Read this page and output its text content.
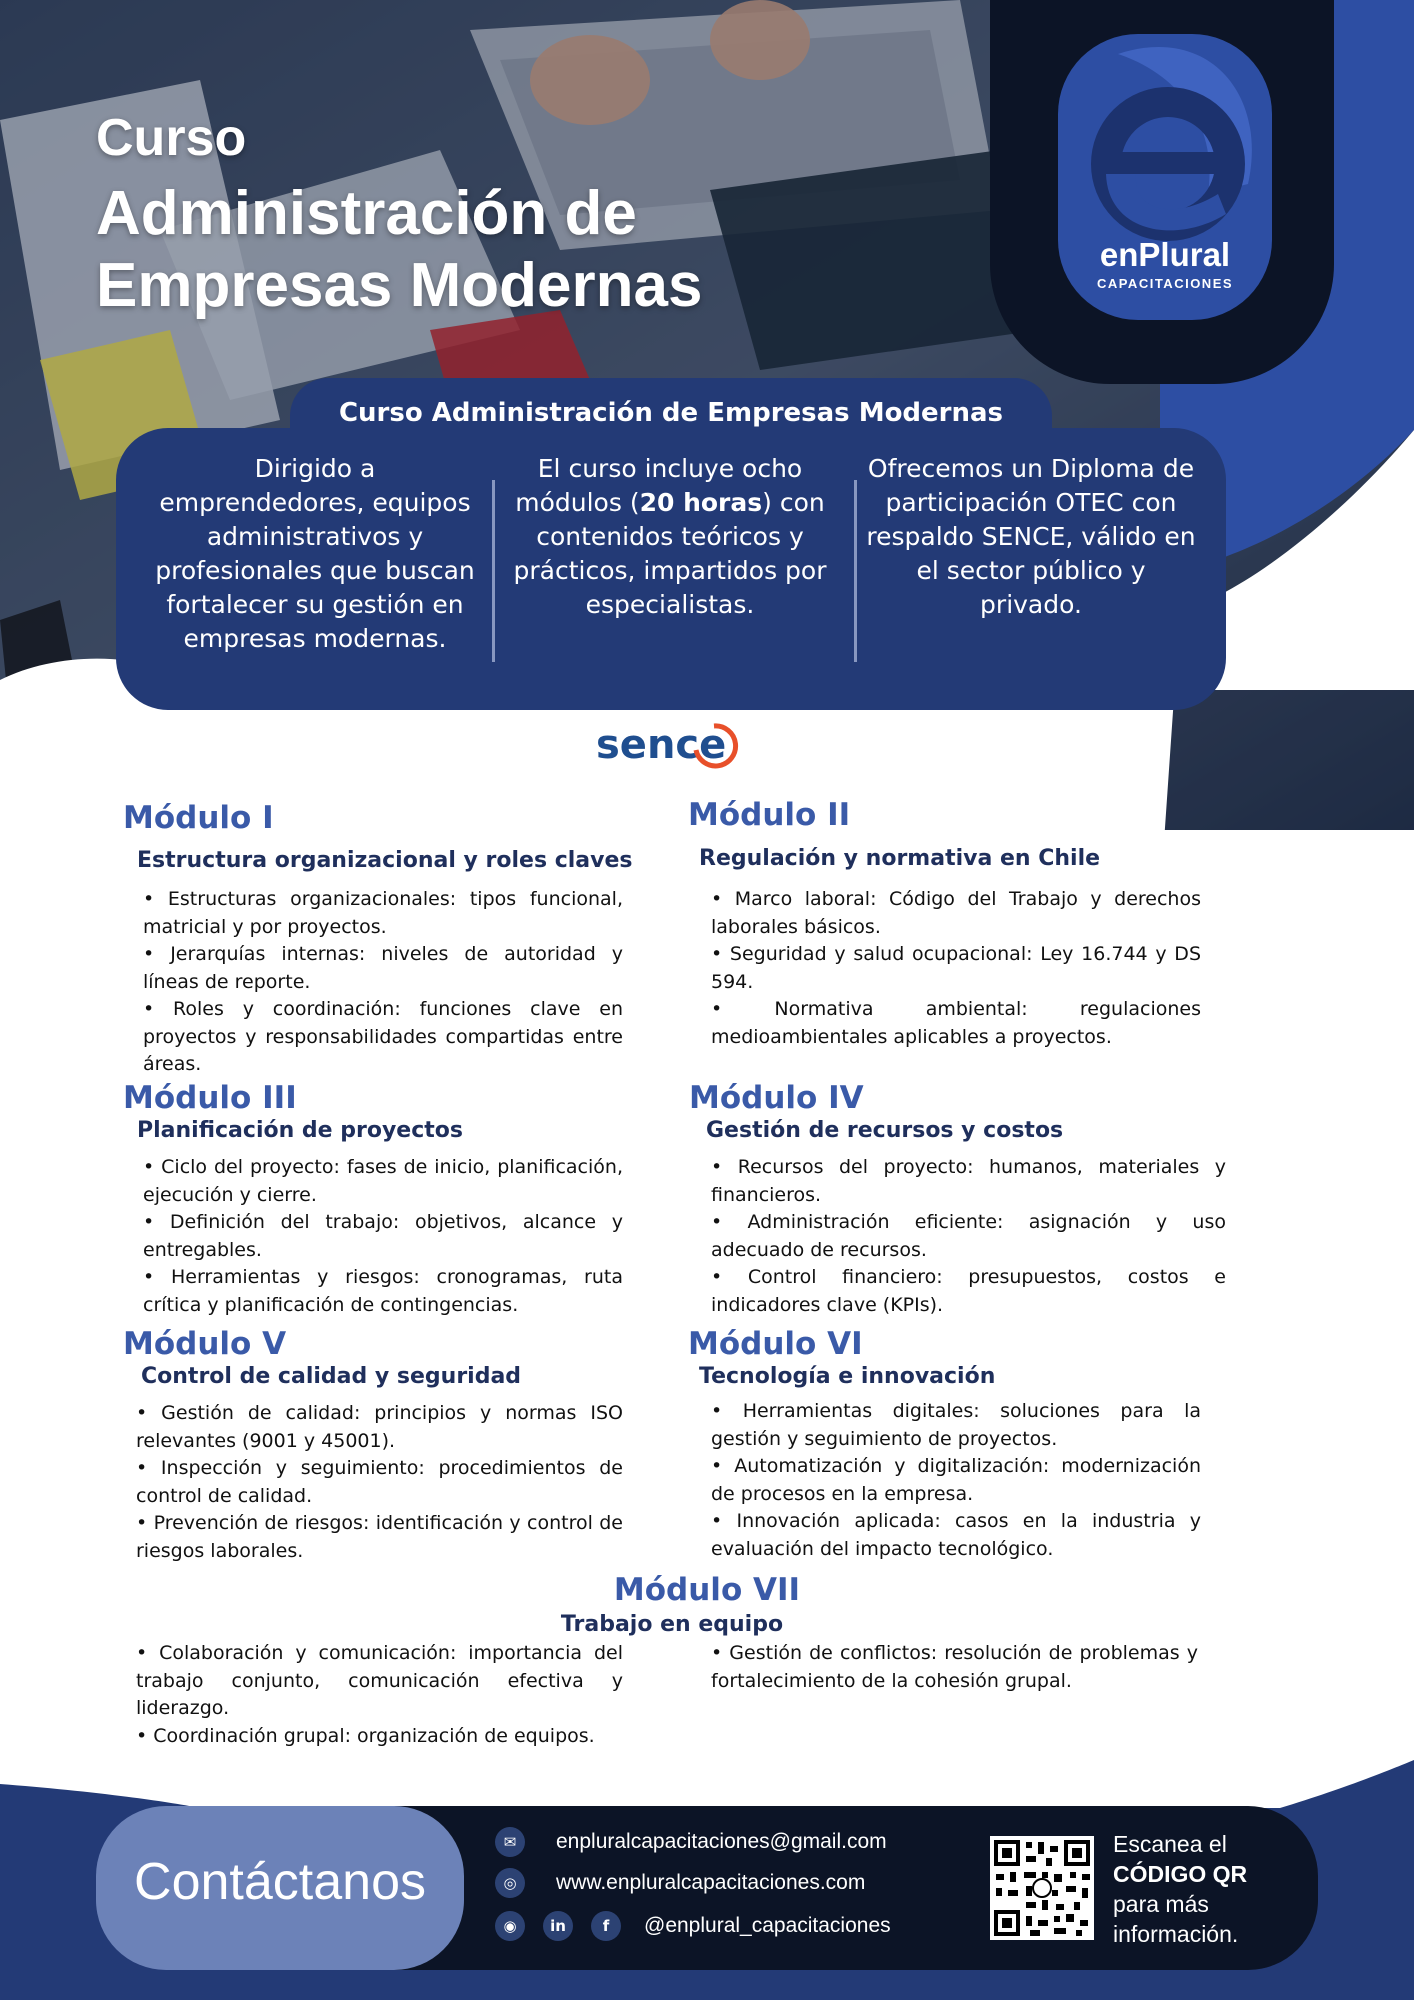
Curso
Administración de
Empresas Modernas	enPlural
CAPACITACIONES
Curso Administración de Empresas Modernas
Dirigido a emprendedores, equipos administrativos y profesionales que buscan fortalecer su gestión en empresas modernas.
El curso incluye ocho módulos (20 horas) con contenidos teóricos y prácticos, impartidos por especialistas.
Ofrecemos un Diploma de participación OTEC con respaldo SENCE, válido en el sector público y privado.
sence
Módulo I
Estructura organizacional y roles claves

• Estructuras organizacionales: tipos funcional, matricial y por proyectos.

• Jerarquías internas: niveles de autoridad y líneas de reporte.

• Roles y coordinación: funciones clave en proyectos y responsabilidades compartidas entre áreas.

Módulo II
Regulación y normativa en Chile

• Marco laboral: Código del Trabajo y derechos laborales básicos.

• Seguridad y salud ocupacional: Ley 16.744 y DS 594.

• Normativa ambiental: regulaciones medioambientales aplicables a proyectos.

Módulo III
Planificación de proyectos

• Ciclo del proyecto: fases de inicio, planificación, ejecución y cierre.

• Definición del trabajo: objetivos, alcance y entregables.

• Herramientas y riesgos: cronogramas, ruta crítica y planificación de contingencias.

Módulo IV
Gestión de recursos y costos

• Recursos del proyecto: humanos, materiales y financieros.

• Administración eficiente: asignación y uso adecuado de recursos.

• Control financiero: presupuestos, costos e indicadores clave (KPIs).

Módulo V
Control de calidad y seguridad

• Gestión de calidad: principios y normas ISO relevantes (9001 y 45001).

• Inspección y seguimiento: procedimientos de control de calidad.

• Prevención de riesgos: identificación y control de riesgos laborales.

Módulo VI
Tecnología e innovación

• Herramientas digitales: soluciones para la gestión y seguimiento de proyectos.

• Automatización y digitalización: modernización de procesos en la empresa.

• Innovación aplicada: casos en la industria y evaluación del impacto tecnológico.

Módulo VII
Trabajo en equipo

• Colaboración y comunicación: importancia del trabajo conjunto, comunicación efectiva y liderazgo.

• Coordinación grupal: organización de equipos.

• Gestión de conflictos: resolución de problemas y fortalecimiento de la cohesión grupal.

Contáctanos
✉	enpluralcapacitaciones@gmail.com
◎	www.enpluralcapacitaciones.com
◉	in	f	@enplural_capacitaciones
Escanea el
CÓDIGO QR
para más
información.
